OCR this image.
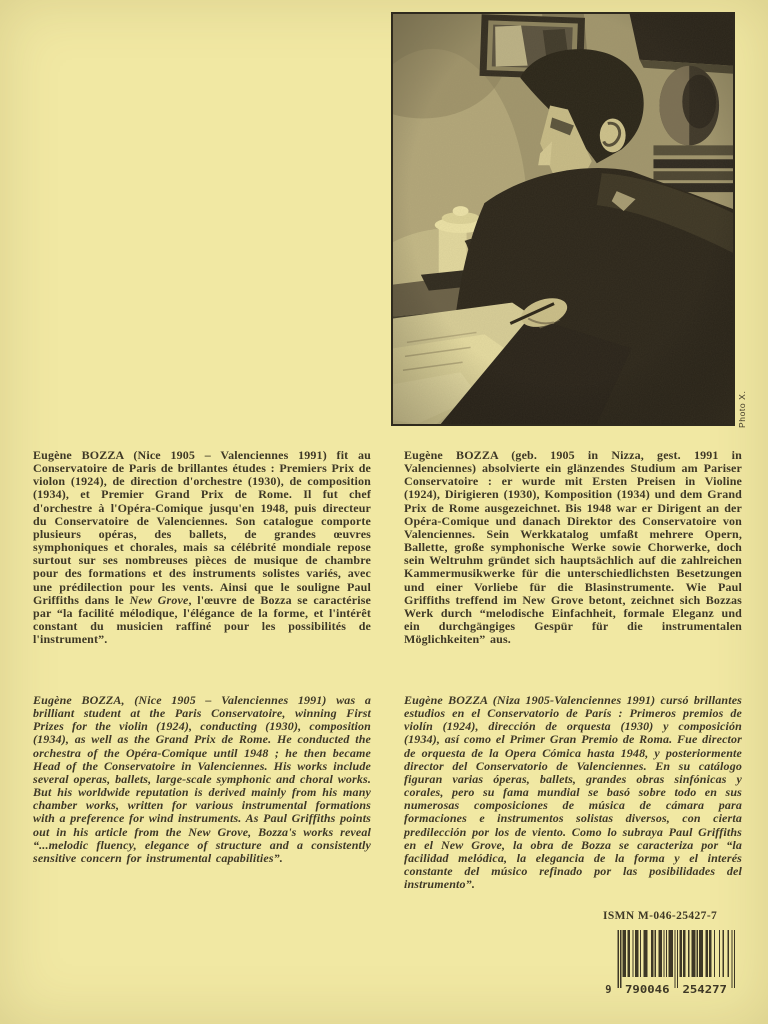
Photo X.
Eugène BOZZA (Nice 1905 – Valenciennes 1991) fit au Conservatoire de Paris de brillantes études : Premiers Prix de violon (1924), de direction d'orchestre (1930), de composition (1934), et Premier Grand Prix de Rome. Il fut chef d'orchestre à l'Opéra-Comique jusqu'en 1948, puis directeur du Conservatoire de Valenciennes. Son catalogue comporte plusieurs opéras, des ballets, de grandes œuvres symphoniques et chorales, mais sa célébrité mondiale repose surtout sur ses nombreuses pièces de musique de chambre pour des formations et des instruments solistes variés, avec une prédilection pour les vents. Ainsi que le souligne Paul Griffiths dans le New Grove, l'œuvre de Bozza se caractérise par “la facilité mélodique, l'élégance de la forme, et l'intérêt constant du musicien raffiné pour les possibilités de l'instrument”.
Eugène BOZZA (geb. 1905 in Nizza, gest. 1991 in Valenciennes) absolvierte ein glänzendes Studium am Pariser Conservatoire : er wurde mit Ersten Preisen in Violine (1924), Dirigieren (1930), Komposition (1934) und dem Grand Prix de Rome ausgezeichnet. Bis 1948 war er Dirigent an der Opéra-Comique und danach Direktor des Conservatoire von Valenciennes. Sein Werkkatalog umfaßt mehrere Opern, Ballette, große symphonische Werke sowie Chorwerke, doch sein Weltruhm gründet sich hauptsächlich auf die zahlreichen Kammermusikwerke für die unterschiedlichsten Besetzungen und einer Vorliebe für die Blasinstrumente. Wie Paul Griffiths treffend im New Grove betont, zeichnet sich Bozzas Werk durch “melodische Einfachheit, formale Eleganz und ein durchgängiges Gespür für die instrumentalen Möglichkeiten” aus.
Eugène BOZZA, (Nice 1905 – Valenciennes 1991) was a brilliant student at the Paris Conservatoire, winning First Prizes for the violin (1924), conducting (1930), composition (1934), as well as the Grand Prix de Rome. He conducted the orchestra of the Opéra-Comique until 1948 ; he then became Head of the Conservatoire in Valenciennes. His works include several operas, ballets, large-scale symphonic and choral works. But his worldwide reputation is derived mainly from his many chamber works, written for various instrumental formations with a preference for wind instruments. As Paul Griffiths points out in his article from the New Grove, Bozza's works reveal “...melodic fluency, elegance of structure and a consistently sensitive concern for instrumental capabilities”.
Eugène BOZZA (Niza 1905-Valenciennes 1991) cursó brillantes estudios en el Conservatorio de París : Primeros premios de violín (1924), dirección de orquesta (1930) y composición (1934), así como el Primer Gran Premio de Roma. Fue director de orquesta de la Opera Cómica hasta 1948, y posteriormente director del Conservatorio de Valenciennes. En su catálogo figuran varias óperas, ballets, grandes obras sinfónicas y corales, pero su fama mundial se basó sobre todo en sus numerosas composiciones de música de cámara para formaciones e instrumentos solistas diversos, con cierta predilección por los de viento. Como lo subraya Paul Griffiths en el New Grove, la obra de Bozza se caracteriza por “la facilidad melódica, la elegancia de la forma y el interés constante del músico refinado por las posibilidades del instrumento”.
ISMN M-046-25427-7
9 790046 254277
